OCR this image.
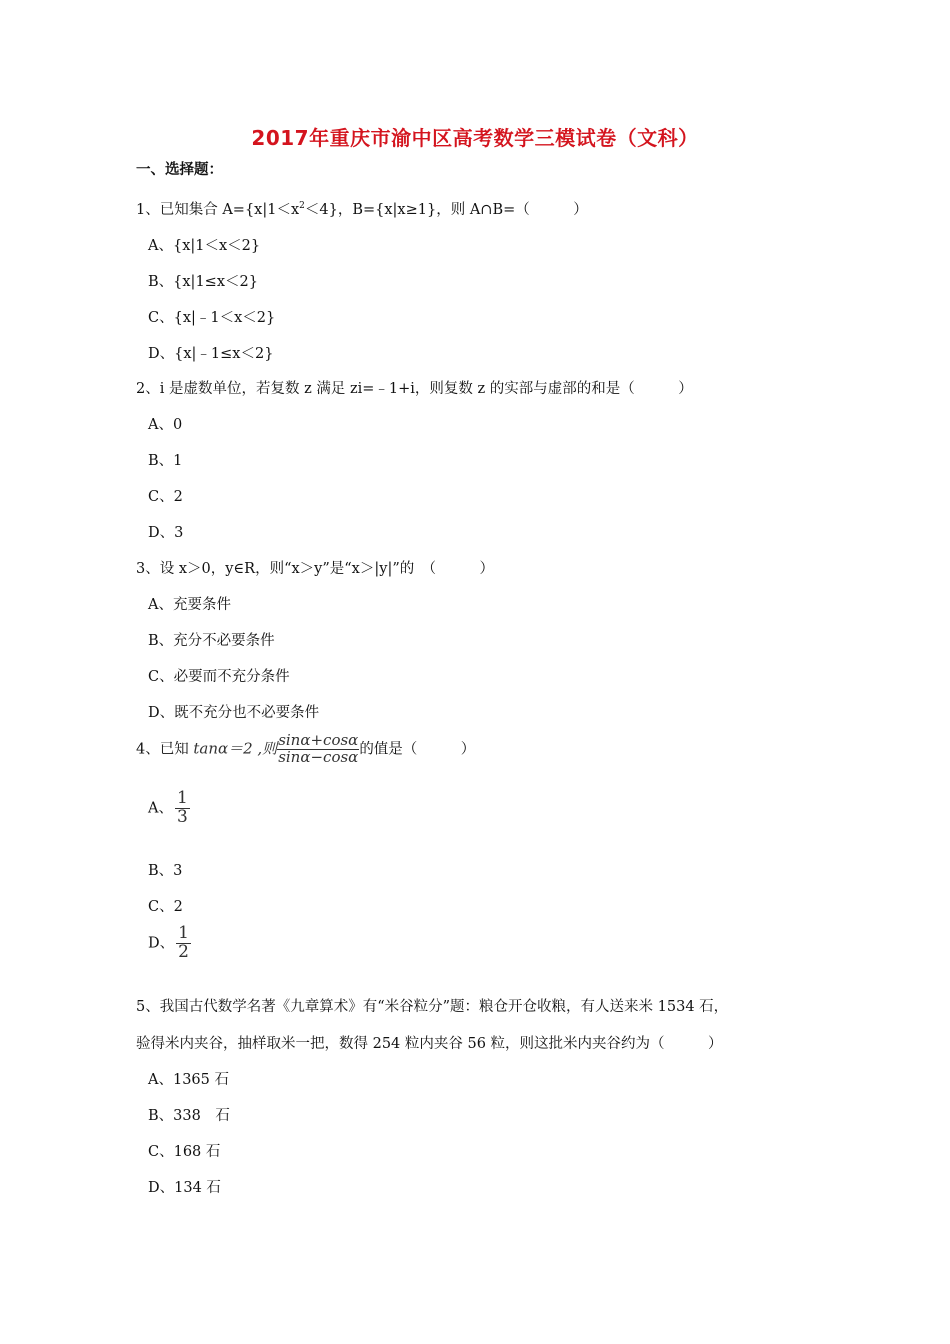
2017年重庆市渝中区高考数学三模试卷（文科）
一、选择题：
1、已知集合 $A=\{x|1<x^2<4\}$，B={x|x≥1}，则 A∩B=（　　　）
A、{x|1＜x＜2}
B、{x|1≤x＜2}
C、{x|﹣1＜x＜2}
D、{x|﹣1≤x＜2}
2、i 是虚数单位，若复数 z 满足 zi=﹣1+i，则复数 z 的实部与虚部的和是（　　　）
A、0
B、1
C、2
D、3
3、设 x＞0，y∈R，则“x＞y”是“x＞|y|”的　（　　　）
A、充要条件
B、充分不必要条件
C、必要而不充分条件
D、既不充分也不必要条件
4、已知 tanα＝2 ,则 $\frac{\sin\alpha+\cos\alpha}{\sin\alpha-\cos\alpha}$ 的值是（　　　）
A、 $\frac{1}{3}$
B、3
C、2
D、 $\frac{1}{2}$
5、我国古代数学名著《九章算术》有“米谷粒分”题：粮仓开仓收粮，有人送来米 1534 石，
验得米内夹谷，抽样取米一把，数得 254 粒内夹谷 56 粒，则这批米内夹谷约为（　　　）
A、1365 石
B、338　石
C、168 石
D、134 石
